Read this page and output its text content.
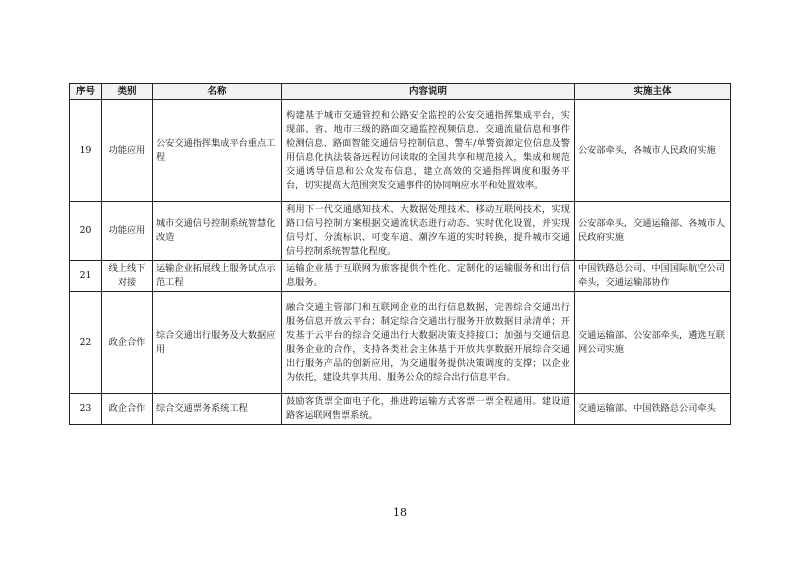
序号	类别	名称	内容说明	实施主体
19	功能应用	公安交通指挥集成平台重点工程	构建基于城市交通管控和公路安全监控的公安交通指挥集成平台，实现部、省、地市三级的路面交通监控视频信息、交通流量信息和事件检测信息、路面智能交通信号控制信息、警车/单警资源定位信息及警用信息化执法装备远程访问读取的全国共享和规范接入，集成和规范交通诱导信息和公众发布信息，建立高效的交通指挥调度和服务平台，切实提高大范围突发交通事件的协同响应水平和处置效率。	公安部牵头，各城市人民政府实施
20	功能应用	城市交通信号控制系统智慧化改造	利用下一代交通感知技术、大数据处理技术、移动互联网技术，实现路口信号控制方案根据交通流状态进行动态、实时优化设置，并实现信号灯、分流标识、可变车道、潮汐车道的实时转换，提升城市交通信号控制系统智慧化程度。	公安部牵头，交通运输部、各城市人民政府实施
21	线上线下对接	运输企业拓展线上服务试点示范工程	运输企业基于互联网为旅客提供个性化、定制化的运输服务和出行信息服务。	中国铁路总公司、中国国际航空公司牵头，交通运输部协作
22	政企合作	综合交通出行服务及大数据应用	融合交通主管部门和互联网企业的出行信息数据，完善综合交通出行服务信息开放云平台；制定综合交通出行服务开放数据目录清单；开发基于云平台的综合交通出行大数据决策支持接口；加强与交通信息服务企业的合作，支持各类社会主体基于开放共享数据开展综合交通出行服务产品的创新应用，为交通服务提供决策调度的支撑；以企业为依托，建设共享共用、服务公众的综合出行信息平台。	交通运输部、公安部牵头，遴选互联网公司实施
23	政企合作	综合交通票务系统工程	鼓励客货票全面电子化，推进跨运输方式客票一票全程通用。建设道路客运联网售票系统。	交通运输部、中国铁路总公司牵头
18
